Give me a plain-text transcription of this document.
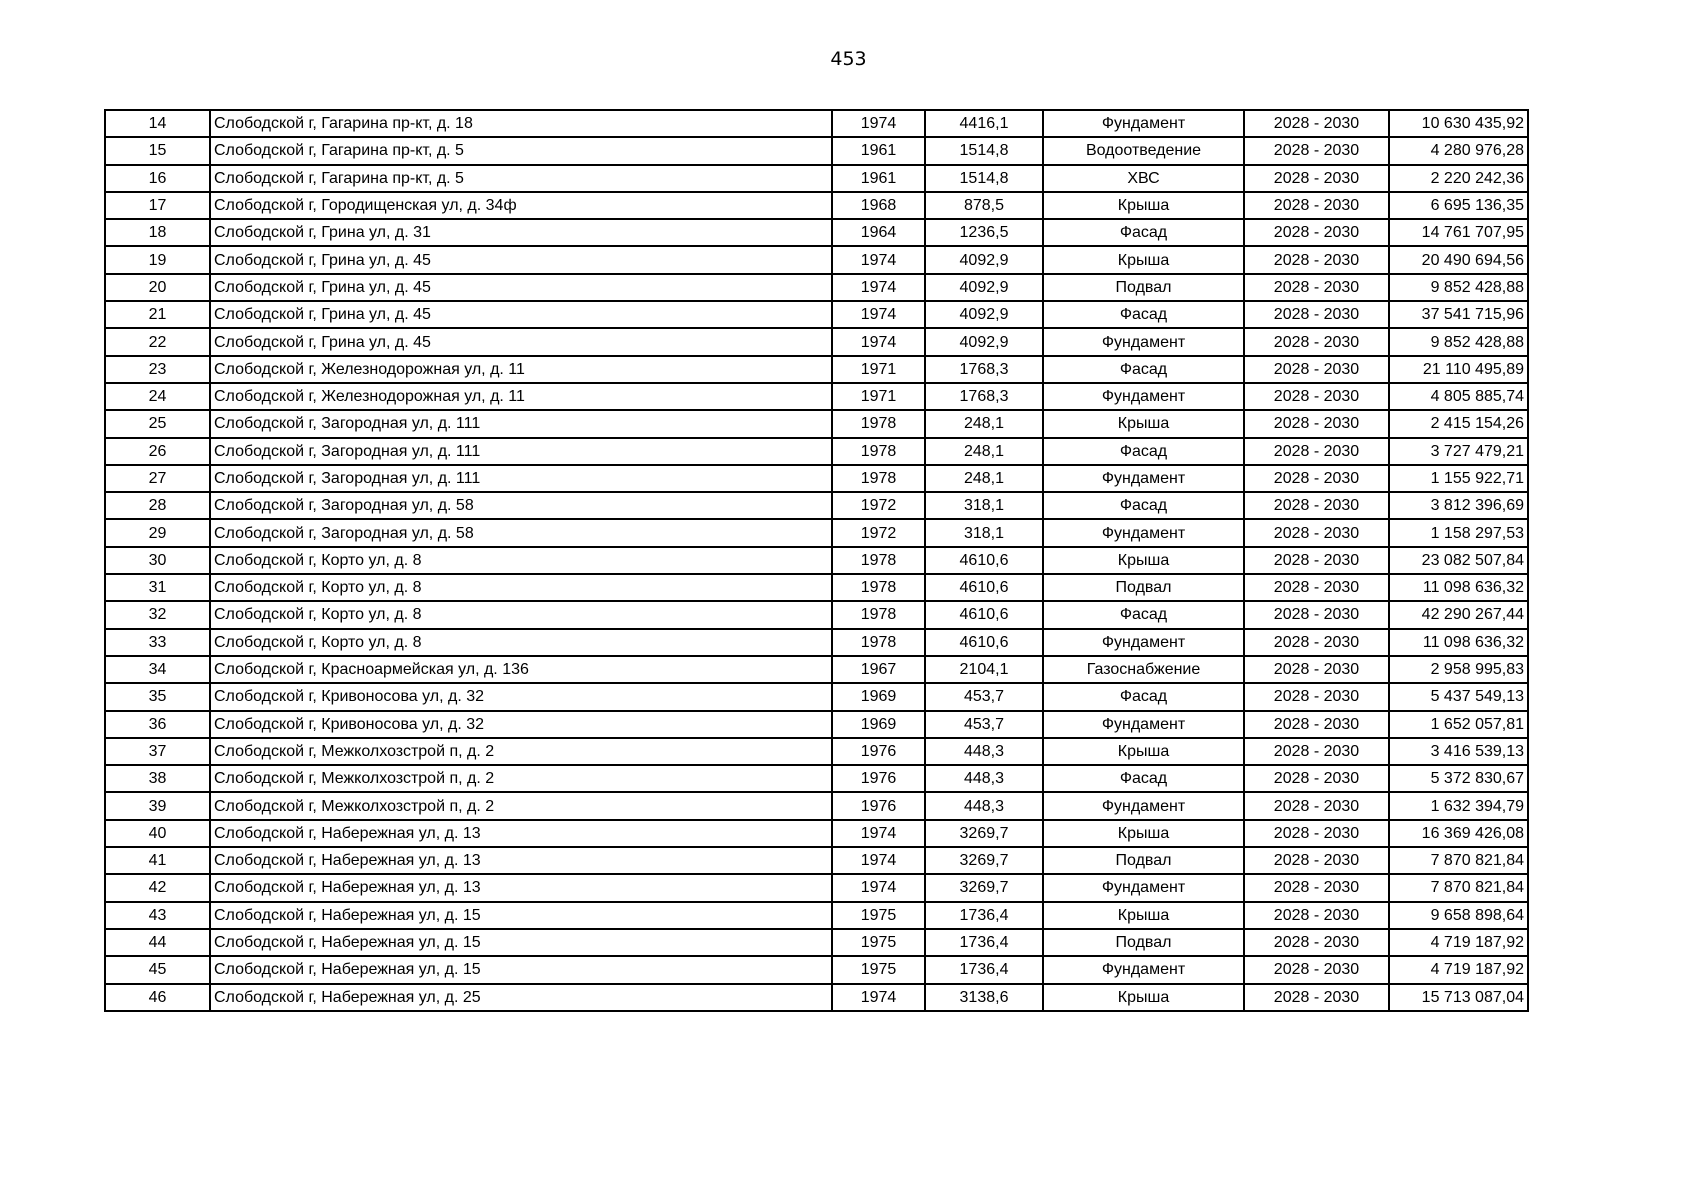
453
14	Слободской г, Гагарина пр-кт, д. 18	1974	4416,1	Фундамент	2028 - 2030	10 630 435,92
15	Слободской г, Гагарина пр-кт, д. 5	1961	1514,8	Водоотведение	2028 - 2030	4 280 976,28
16	Слободской г, Гагарина пр-кт, д. 5	1961	1514,8	ХВС	2028 - 2030	2 220 242,36
17	Слободской г, Городищенская ул, д. 34ф	1968	878,5	Крыша	2028 - 2030	6 695 136,35
18	Слободской г, Грина ул, д. 31	1964	1236,5	Фасад	2028 - 2030	14 761 707,95
19	Слободской г, Грина ул, д. 45	1974	4092,9	Крыша	2028 - 2030	20 490 694,56
20	Слободской г, Грина ул, д. 45	1974	4092,9	Подвал	2028 - 2030	9 852 428,88
21	Слободской г, Грина ул, д. 45	1974	4092,9	Фасад	2028 - 2030	37 541 715,96
22	Слободской г, Грина ул, д. 45	1974	4092,9	Фундамент	2028 - 2030	9 852 428,88
23	Слободской г, Железнодорожная ул, д. 11	1971	1768,3	Фасад	2028 - 2030	21 110 495,89
24	Слободской г, Железнодорожная ул, д. 11	1971	1768,3	Фундамент	2028 - 2030	4 805 885,74
25	Слободской г, Загородная ул, д. 111	1978	248,1	Крыша	2028 - 2030	2 415 154,26
26	Слободской г, Загородная ул, д. 111	1978	248,1	Фасад	2028 - 2030	3 727 479,21
27	Слободской г, Загородная ул, д. 111	1978	248,1	Фундамент	2028 - 2030	1 155 922,71
28	Слободской г, Загородная ул, д. 58	1972	318,1	Фасад	2028 - 2030	3 812 396,69
29	Слободской г, Загородная ул, д. 58	1972	318,1	Фундамент	2028 - 2030	1 158 297,53
30	Слободской г, Корто ул, д. 8	1978	4610,6	Крыша	2028 - 2030	23 082 507,84
31	Слободской г, Корто ул, д. 8	1978	4610,6	Подвал	2028 - 2030	11 098 636,32
32	Слободской г, Корто ул, д. 8	1978	4610,6	Фасад	2028 - 2030	42 290 267,44
33	Слободской г, Корто ул, д. 8	1978	4610,6	Фундамент	2028 - 2030	11 098 636,32
34	Слободской г, Красноармейская ул, д. 136	1967	2104,1	Газоснабжение	2028 - 2030	2 958 995,83
35	Слободской г, Кривоносова ул, д. 32	1969	453,7	Фасад	2028 - 2030	5 437 549,13
36	Слободской г, Кривоносова ул, д. 32	1969	453,7	Фундамент	2028 - 2030	1 652 057,81
37	Слободской г, Межколхозстрой п, д. 2	1976	448,3	Крыша	2028 - 2030	3 416 539,13
38	Слободской г, Межколхозстрой п, д. 2	1976	448,3	Фасад	2028 - 2030	5 372 830,67
39	Слободской г, Межколхозстрой п, д. 2	1976	448,3	Фундамент	2028 - 2030	1 632 394,79
40	Слободской г, Набережная ул, д. 13	1974	3269,7	Крыша	2028 - 2030	16 369 426,08
41	Слободской г, Набережная ул, д. 13	1974	3269,7	Подвал	2028 - 2030	7 870 821,84
42	Слободской г, Набережная ул, д. 13	1974	3269,7	Фундамент	2028 - 2030	7 870 821,84
43	Слободской г, Набережная ул, д. 15	1975	1736,4	Крыша	2028 - 2030	9 658 898,64
44	Слободской г, Набережная ул, д. 15	1975	1736,4	Подвал	2028 - 2030	4 719 187,92
45	Слободской г, Набережная ул, д. 15	1975	1736,4	Фундамент	2028 - 2030	4 719 187,92
46	Слободской г, Набережная ул, д. 25	1974	3138,6	Крыша	2028 - 2030	15 713 087,04
